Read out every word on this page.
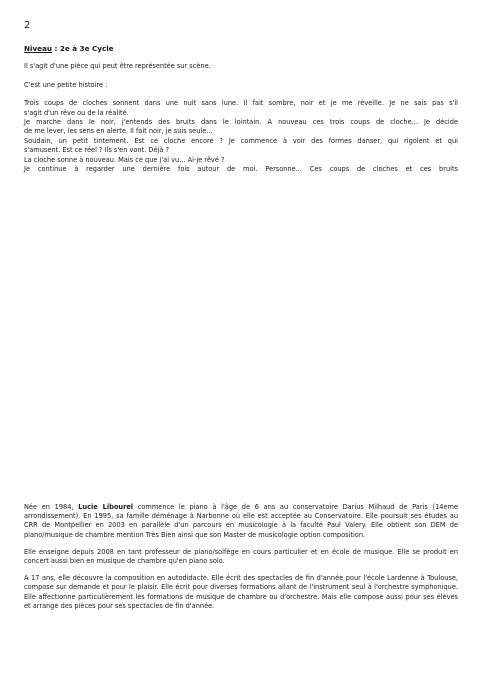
2
Niveau : 2e à 3e Cycle

Il s'agit d'une pièce qui peut être représentée sur scène.

C'est une petite histoire :

Trois coups de cloches sonnent dans une nuit sans lune. Il fait sombre, noir et je me réveille. Je ne sais pas s'il
s'agit d'un rêve ou de la réalité.
Je marche dans le noir, j'entends des bruits dans le lointain. A nouveau ces trois coups de cloche... Je décide
de me lever, les sens en alerte. Il fait noir, je suis seule...
Soudain, un petit tintement. Est ce cloche encore ? Je commence à voir des formes danser, qui rigolent et qui
s'amusent. Est ce réel ? Ils s'en vont. Déjà ?
La cloche sonne à nouveau. Mais ce que j'ai vu... Ai-je rêvé ?
Je continue à regarder une dernière fois autour de moi. Personne... Ces coups de cloches et ces bruits

Née en 1984, Lucie Libourel commence le piano à l'âge de 6 ans au conservatoire Darius Milhaud de Paris (14eme arrondissement). En 1995, sa famille déménage à Narbonne où elle est acceptée au Conservatoire. Elle poursuit ses études au CRR de Montpellier en 2003 en parallèle d'un parcours en musicologie à la faculté Paul Valery. Elle obtient son DEM de piano/musique de chambre mention Très Bien ainsi que son Master de musicologie option composition.

Elle enseigne depuis 2008 en tant professeur de piano/solfège en cours particulier et en école de musique. Elle se produit en concert aussi bien en musique de chambre qu'en piano solo.

A 17 ans, elle découvre la composition en autodidacte. Elle écrit des spectacles de fin d'année pour l'école Lardenne à Toulouse, compose sur demande et pour le plaisir. Elle écrit pour diverses formations allant de l'instrument seul à l'orchestre symphonique. Elle affectionne particulièrement les formations de musique de chambre ou d'orchestre. Mais elle compose aussi pour ses élèves et arrange des pièces pour ses spectacles de fin d'année.
